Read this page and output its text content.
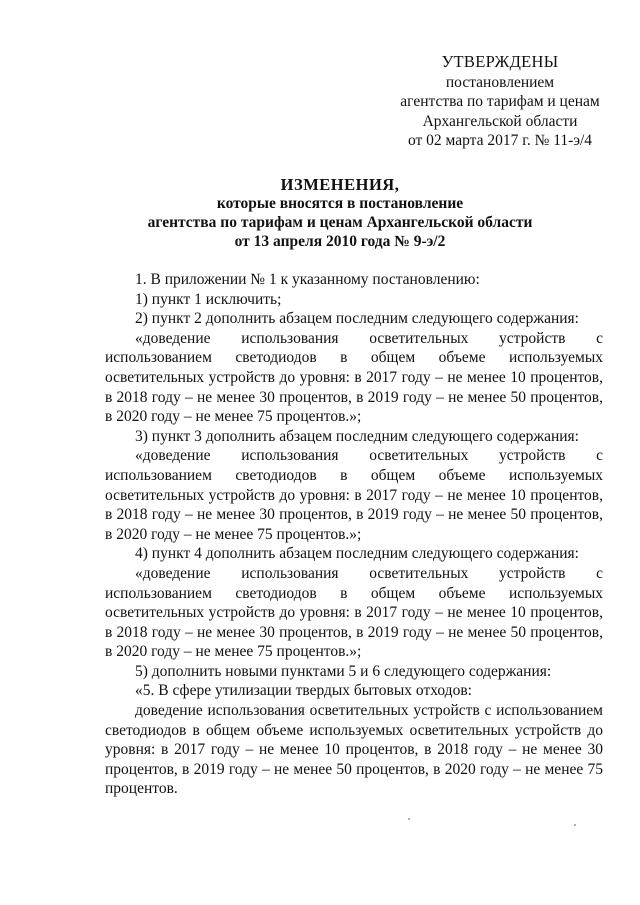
УТВЕРЖДЕНЫ
постановлением
агентства по тарифам и ценам
Архангельской области
от 02 марта 2017 г. № 11-э/4
ИЗМЕНЕНИЯ,
которые вносятся в постановление
агентства по тарифам и ценам Архангельской области
от 13 апреля 2010 года № 9-э/2

1. В приложении № 1 к указанному постановлению:

1) пункт 1 исключить;

2) пункт 2 дополнить абзацем последним следующего содержания:

«доведение использования осветительных устройств с использованием светодиодов в общем объеме используемых осветительных устройств до уровня: в 2017 году – не менее 10 процентов, в 2018 году – не менее 30 процентов, в 2019 году – не менее 50 процентов, в 2020 году – не менее 75 процентов.»;

3) пункт 3 дополнить абзацем последним следующего содержания:

«доведение использования осветительных устройств с использованием светодиодов в общем объеме используемых осветительных устройств до уровня: в 2017 году – не менее 10 процентов, в 2018 году – не менее 30 процентов, в 2019 году – не менее 50 процентов, в 2020 году – не менее 75 процентов.»;

4) пункт 4 дополнить абзацем последним следующего содержания:

«доведение использования осветительных устройств с использованием светодиодов в общем объеме используемых осветительных устройств до уровня: в 2017 году – не менее 10 процентов, в 2018 году – не менее 30 процентов, в 2019 году – не менее 50 процентов, в 2020 году – не менее 75 процентов.»;

5) дополнить новыми пунктами 5 и 6 следующего содержания:

«5. В сфере утилизации твердых бытовых отходов:

доведение использования осветительных устройств с использованием светодиодов в общем объеме используемых осветительных устройств до уровня: в 2017 году – не менее 10 процентов, в 2018 году – не менее 30 процентов, в 2019 году – не менее 50 процентов, в 2020 году – не менее 75 процентов.
